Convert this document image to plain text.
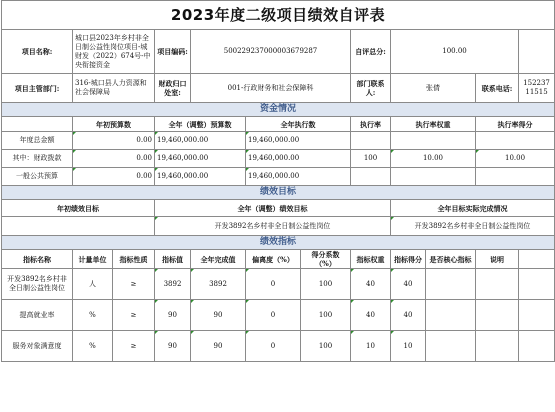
2023年度二级项目绩效自评表											
项目名称:	城口县2023年乡村非全日制公益性岗位项目-城财发（2022）674号-中央衔接资金		项目编码:	500229237000003679287			自评总分:	100.00			
项目主管部门:	316-城口县人力资源和社会保障局		财政归口处室:	001-行政财务和社会保障科			部门联系人:	张倩		联系电话:	15223711515
资金情况											
	年初预算数		全年（调整）预算数		全年执行数		执行率	执行率权重		执行率得分	
年度总金额	0.00		19,460,000.00		19,460,000.00						
其中：财政拨款	0.00		19,460,000.00		19,460,000.00		100	10.00		10.00	
一般公共预算	0.00		19,460,000.00		19,460,000.00						
绩效目标											
年初绩效目标			全年（调整）绩效目标					全年目标实际完成情况			
			开发3892名乡村非全日制公益性岗位					开发3892名乡村非全日制公益性岗位			
绩效指标											
指标名称	计量单位	指标性质	指标值	全年完成值	偏离度（%）	得分系数（%）	指标权重	指标得分	是否核心指标	说明	
开发3892名乡村非全日制公益性岗位	人	≥	3892	3892	0	100	40	40			
提高就业率	%	≥	90	90	0	100	40	40			
服务对象满意度	%	≥	90	90	0	100	10	10			
